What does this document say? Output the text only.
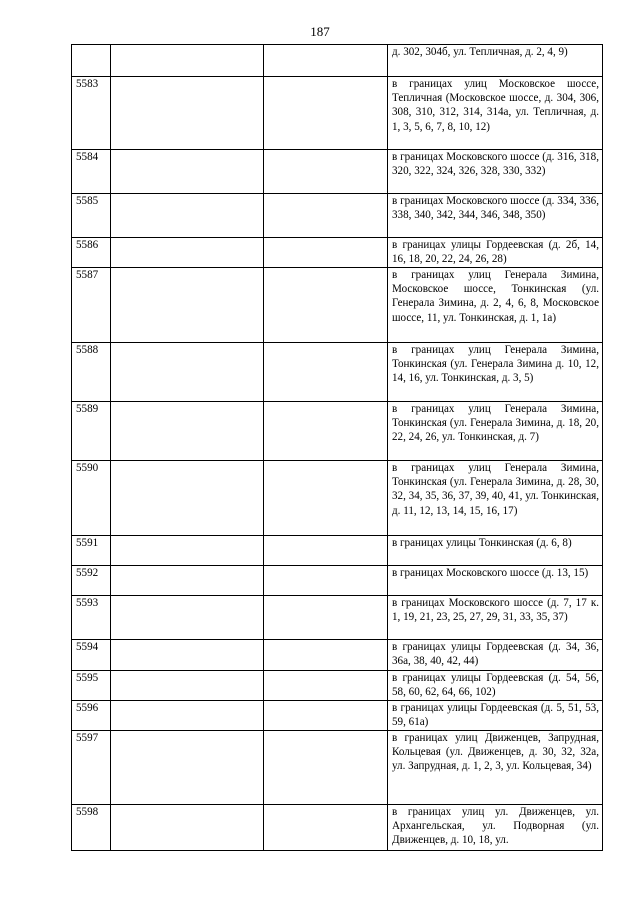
187
			д. 302, 304б, ул. Тепличная, д. 2, 4, 9)
5583			в границах улиц Московское шоссе, Тепличная (Московское шоссе, д. 304, 306, 308, 310, 312, 314, 314а, ул. Тепличная, д. 1, 3, 5, 6, 7, 8, 10, 12)
5584			в границах Московского шоссе (д. 316, 318, 320, 322, 324, 326, 328, 330, 332)
5585			в границах Московского шоссе (д. 334, 336, 338, 340, 342, 344, 346, 348, 350)
5586			в границах улицы Гордеевская (д. 2б, 14, 16, 18, 20, 22, 24, 26, 28)
5587			в границах улиц Генерала Зимина, Московское шоссе, Тонкинская (ул. Генерала Зимина, д. 2, 4, 6, 8, Московское шоссе, 11, ул. Тонкинская, д. 1, 1а)
5588			в границах улиц Генерала Зимина, Тонкинская (ул. Генерала Зимина д. 10, 12, 14, 16, ул. Тонкинская, д. 3, 5)
5589			в границах улиц Генерала Зимина, Тонкинская (ул. Генерала Зимина, д. 18, 20, 22, 24, 26, ул. Тонкинская, д. 7)
5590			в границах улиц Генерала Зимина, Тонкинская (ул. Генерала Зимина, д. 28, 30, 32, 34, 35, 36, 37, 39, 40, 41, ул. Тонкинская, д. 11, 12, 13, 14, 15, 16, 17)
5591			в границах улицы Тонкинская (д. 6, 8)
5592			в границах Московского шоссе (д. 13, 15)
5593			в границах Московского шоссе (д. 7, 17 к. 1, 19, 21, 23, 25, 27, 29, 31, 33, 35, 37)
5594			в границах улицы Гордеевская (д. 34, 36, 36а, 38, 40, 42, 44)
5595			в границах улицы Гордеевская (д. 54, 56, 58, 60, 62, 64, 66, 102)
5596			в границах улицы Гордеевская (д. 5, 51, 53, 59, 61а)
5597			в границах улиц Движенцев, Запрудная, Кольцевая (ул. Движенцев, д. 30, 32, 32а, ул. Запрудная, д. 1, 2, 3, ул. Кольцевая, 34)
5598			в границах улиц ул. Движенцев, ул. Архангельская, ул. Подворная (ул. Движенцев, д. 10, 18, ул.
